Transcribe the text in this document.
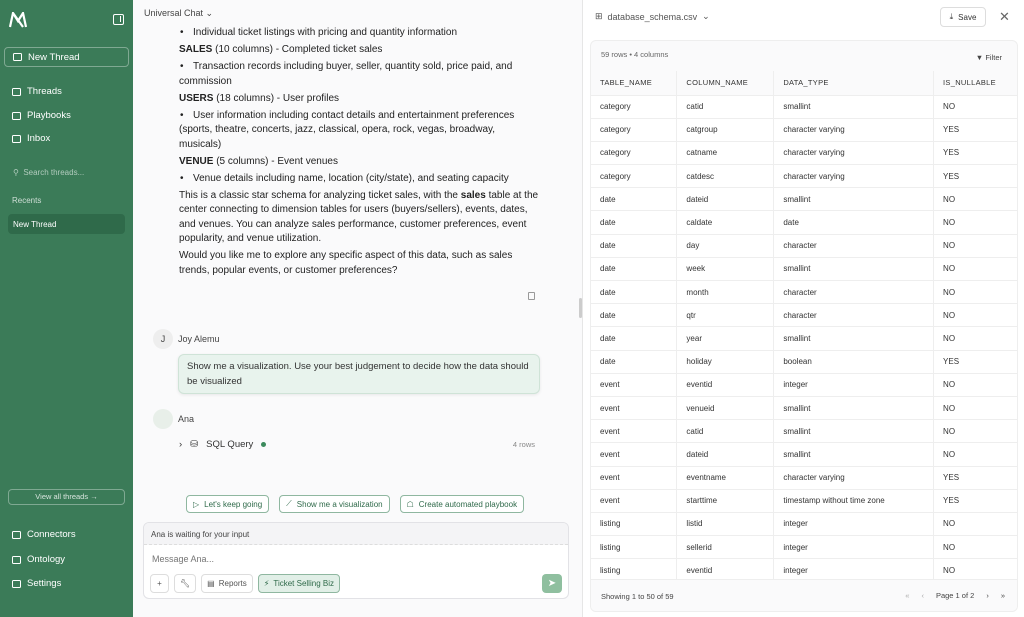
New Thread
Threads
Playbooks
Inbox
⚲  Search threads...
Recents
New Thread
View all threads →
Connectors
Ontology
Settings
Universal Chat ⌄

• Individual ticket listings with pricing and quantity information

SALES (10 columns) - Completed ticket sales

• Transaction records including buyer, seller, quantity sold, price paid, and commission

USERS (18 columns) - User profiles

• User information including contact details and entertainment preferences (sports, theatre, concerts, jazz, classical, opera, rock, vegas, broadway, musicals)

VENUE (5 columns) - Event venues

• Venue details including name, location (city/state), and seating capacity

This is a classic star schema for analyzing ticket sales, with the sales table at the center connecting to dimension tables for users (buyers/sellers), events, dates, and venues. You can analyze sales performance, customer preferences, event popularity, and venue utilization.

Would you like me to explore any specific aspect of this data, such as sales trends, popular events, or customer preferences?

J	Joy Alemu
Show me a visualization. Use your best judgement to decide how the data should be visualized
Ana
› ⛁ SQL Query	4 rows
▷ Let's keep going	⟋ Show me a visualization	☖ Create automated playbook
Ana is waiting for your input
Message Ana...
+	🔧︎ ▤ Reports ⚡︎ Ticket Selling Biz	➤
⊞ database_schema.csv ⌄	⤓ Save ✕
59 rows • 4 columns	▼ Filter
TABLE_NAME	COLUMN_NAME	DATA_TYPE	IS_NULLABLE
category	catid	smallint	NO
category	catgroup	character varying	YES
category	catname	character varying	YES
category	catdesc	character varying	YES
date	dateid	smallint	NO
date	caldate	date	NO
date	day	character	NO
date	week	smallint	NO
date	month	character	NO
date	qtr	character	NO
date	year	smallint	NO
date	holiday	boolean	YES
event	eventid	integer	NO
event	venueid	smallint	NO
event	catid	smallint	NO
event	dateid	smallint	NO
event	eventname	character varying	YES
event	starttime	timestamp without time zone	YES
listing	listid	integer	NO
listing	sellerid	integer	NO
listing	eventid	integer	NO
Showing 1 to 50 of 59	« ‹ Page 1 of 2 › »
